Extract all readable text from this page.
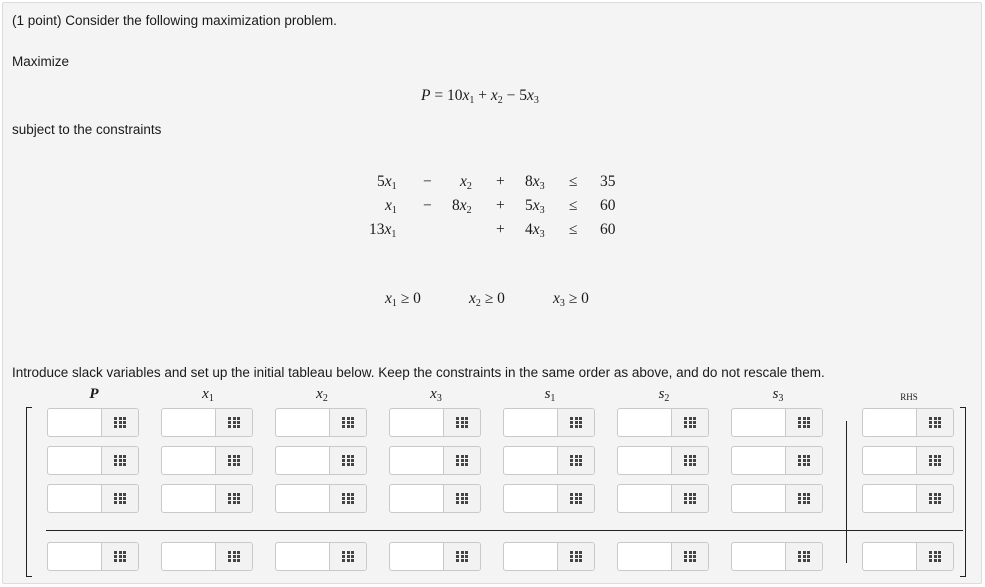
(1 point) Consider the following maximization problem.
Maximize
$P = 10x_1 + x_2 - 5x_3$
subject to the constraints
$5x_1 - x_2 + 8x_3 \le 35$
$x_1 - 8x_2 + 5x_3 \le 60$
$13x_1$	+ $4x_3 \le 60$
$x_1 \ge 0$	$x_2 \ge 0$	$x_3 \ge 0$
Introduce slack variables and set up the initial tableau below. Keep the constraints in the same order as above, and do not rescale them.
P	$x_1$	$x_2$	$x_3$	$s_1$	$s_2$	$s_3$	RHS
